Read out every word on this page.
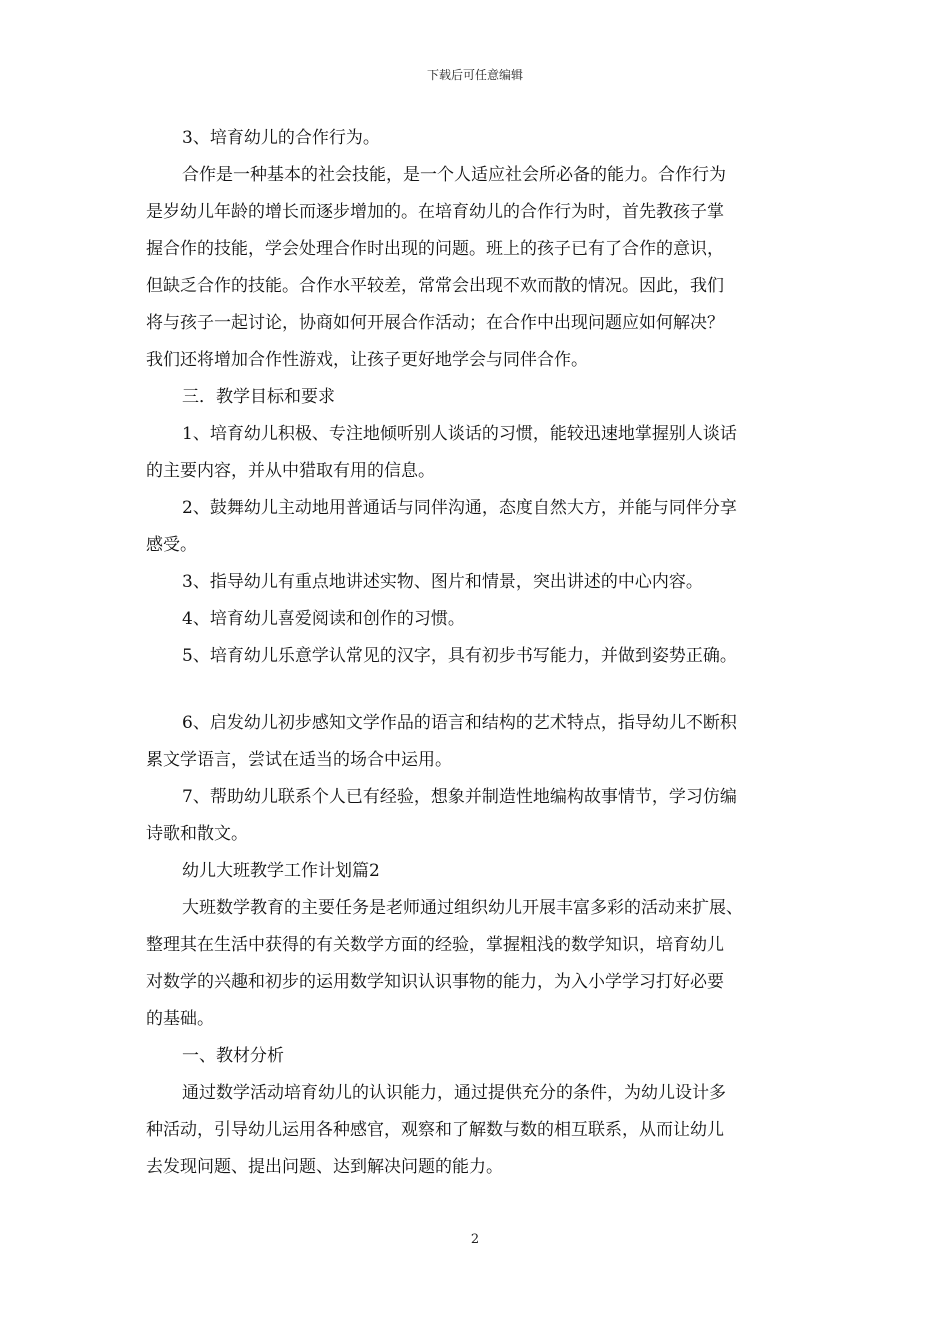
下载后可任意编辑
3、培育幼儿的合作行为。
合作是一种基本的社会技能，是一个人适应社会所必备的能力。合作行为
是岁幼儿年龄的增长而逐步增加的。在培育幼儿的合作行为时，首先教孩子掌
握合作的技能，学会处理合作时出现的问题。班上的孩子已有了合作的意识，
但缺乏合作的技能。合作水平较差，常常会出现不欢而散的情况。因此，我们
将与孩子一起讨论，协商如何开展合作活动；在合作中出现问题应如何解决？
我们还将增加合作性游戏，让孩子更好地学会与同伴合作。
三．教学目标和要求
1、培育幼儿积极、专注地倾听别人谈话的习惯，能较迅速地掌握别人谈话
的主要内容，并从中猎取有用的信息。
2、鼓舞幼儿主动地用普通话与同伴沟通，态度自然大方，并能与同伴分享
感受。
3、指导幼儿有重点地讲述实物、图片和情景，突出讲述的中心内容。
4、培育幼儿喜爱阅读和创作的习惯。
5、培育幼儿乐意学认常见的汉字，具有初步书写能力，并做到姿势正确。
6、启发幼儿初步感知文学作品的语言和结构的艺术特点，指导幼儿不断积
累文学语言，尝试在适当的场合中运用。
7、帮助幼儿联系个人已有经验，想象并制造性地编构故事情节，学习仿编
诗歌和散文。
幼儿大班教学工作计划篇2
大班数学教育的主要任务是老师通过组织幼儿开展丰富多彩的活动来扩展、
整理其在生活中获得的有关数学方面的经验，掌握粗浅的数学知识，培育幼儿
对数学的兴趣和初步的运用数学知识认识事物的能力，为入小学学习打好必要
的基础。
一、教材分析
通过数学活动培育幼儿的认识能力，通过提供充分的条件，为幼儿设计多
种活动，引导幼儿运用各种感官，观察和了解数与数的相互联系，从而让幼儿
去发现问题、提出问题、达到解决问题的能力。
2
